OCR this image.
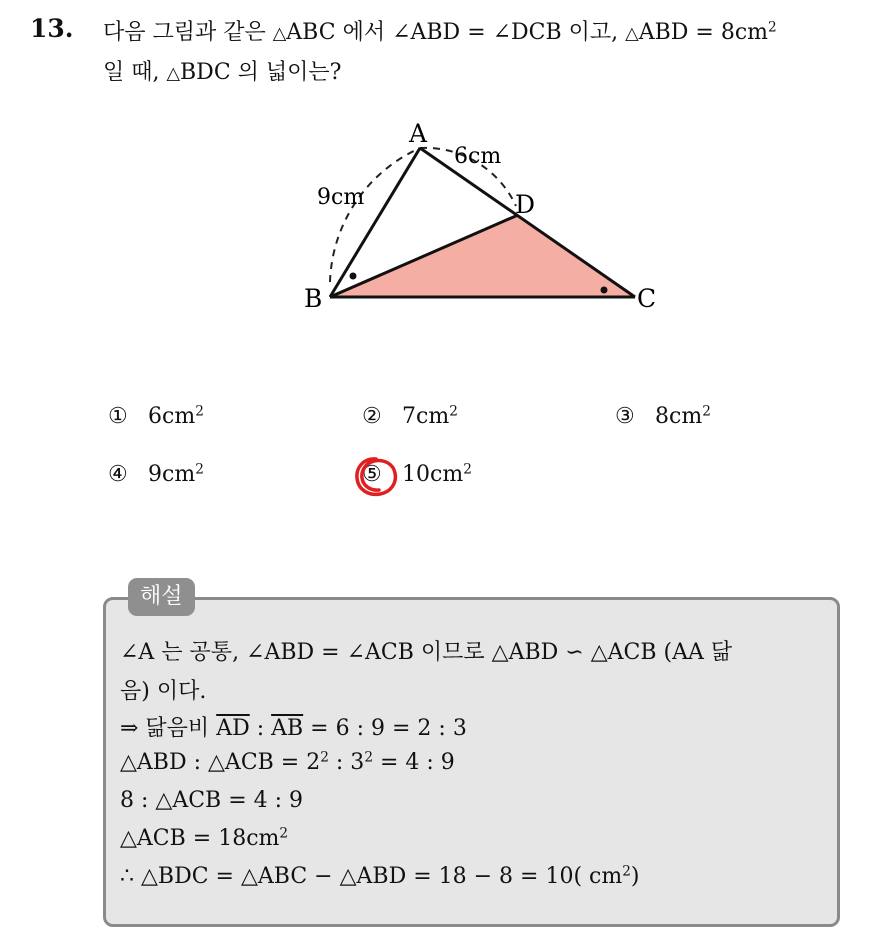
13. 다음 그림과 같은 △ABC 에서 ∠ABD = ∠DCB 이고, △ABD = $8cm^2$
일 때, △BDC 의 넓이는?
A
B	C
D
9cm
6cm
① $6cm^2$	② $7cm^2$	③ $8cm^2$
④ $9cm^2$	⑤ $10cm^2$
해설
∠A 는 공통, ∠ABD = ∠ACB 이므로 △ABD ∽ △ACB (AA 닮
음) 이다.
⇒ 닮음비 $\overline{AD}$ : $\overline{AB} = 6$ : 9 = 2 : 3
△ABD : △ACB = $2^2$ : $3^2 = 4$ : 9
8 : △ACB = 4 : 9
△ACB = $18cm^2$
∴ △BDC = △ABC − △ABD = 18 − 8 = 10( $cm^2$)
